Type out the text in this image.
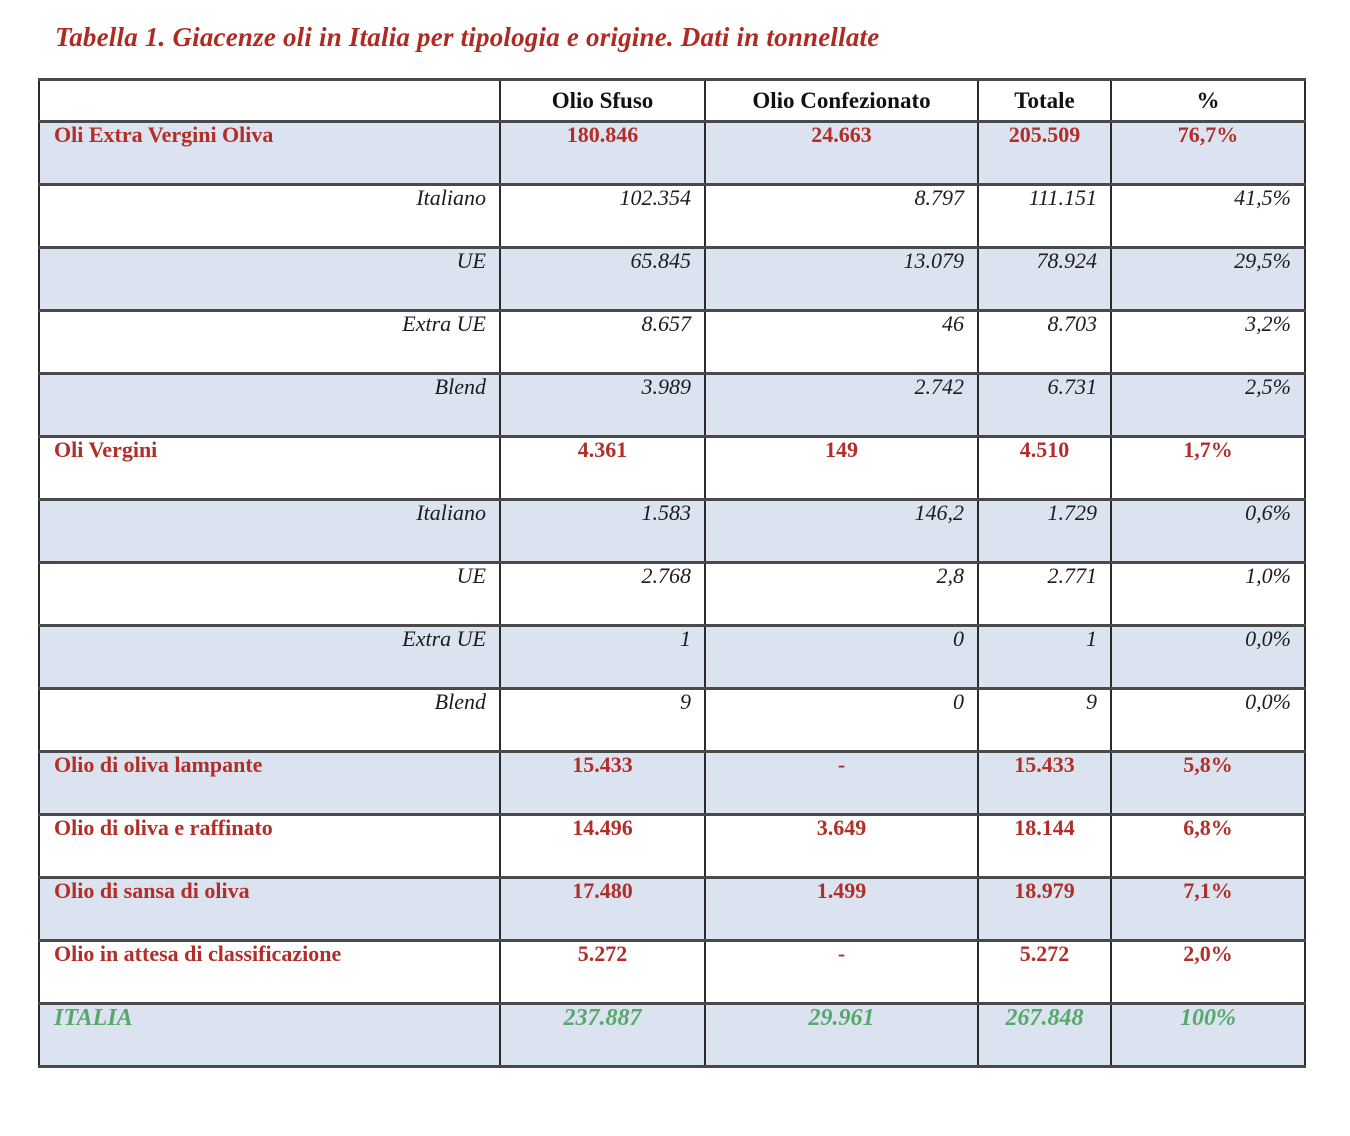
Tabella 1. Giacenze oli in Italia per tipologia e origine. Dati in tonnellate
	Olio Sfuso	Olio Confezionato	Totale	%
Oli Extra Vergini Oliva	180.846	24.663	205.509	76,7%
Italiano	102.354	8.797	111.151	41,5%
UE	65.845	13.079	78.924	29,5%
Extra UE	8.657	46	8.703	3,2%
Blend	3.989	2.742	6.731	2,5%
Oli Vergini	4.361	149	4.510	1,7%
Italiano	1.583	146,2	1.729	0,6%
UE	2.768	2,8	2.771	1,0%
Extra UE	1	0	1	0,0%
Blend	9	0	9	0,0%
Olio di oliva lampante	15.433	-	15.433	5,8%
Olio di oliva e raffinato	14.496	3.649	18.144	6,8%
Olio di sansa di oliva	17.480	1.499	18.979	7,1%
Olio in attesa di classificazione	5.272	-	5.272	2,0%
ITALIA	237.887	29.961	267.848	100%
